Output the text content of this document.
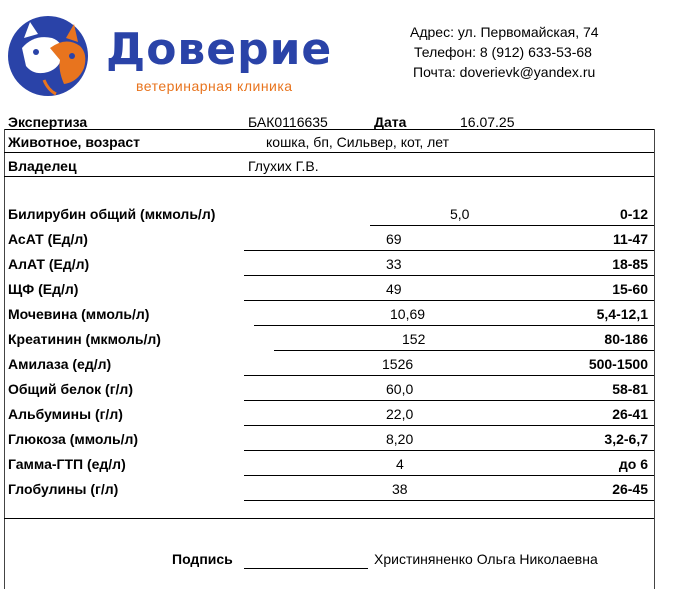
Доверие
ветеринарная клиника
Адрес: ул. Первомайская, 74
Телефон: 8 (912) 633-53-68
Почта: doverievk@yandex.ru
Экспертиза	БАК0116635	Дата	16.07.25
Животное, возраст	кошка, бп, Сильвер, кот, лет
Владелец	Глухих Г.В.
Билирубин общий (мкмоль/л)	5,0	0-12
АсАТ (Ед/л)	69	11-47
АлАТ (Ед/л)	33	18-85
ЩФ (Ед/л)	49	15-60
Мочевина (ммоль/л)	10,69	5,4-12,1
Креатинин (мкмоль/л)	152	80-186
Амилаза (ед/л)	1526	500-1500
Общий белок (г/л)	60,0	58-81
Альбумины (г/л)	22,0	26-41
Глюкоза (ммоль/л)	8,20	3,2-6,7
Гамма-ГТП (ед/л)	4	до 6
Глобулины (г/л)	38	26-45
Подпись	Христиняненко Ольга Николаевна
